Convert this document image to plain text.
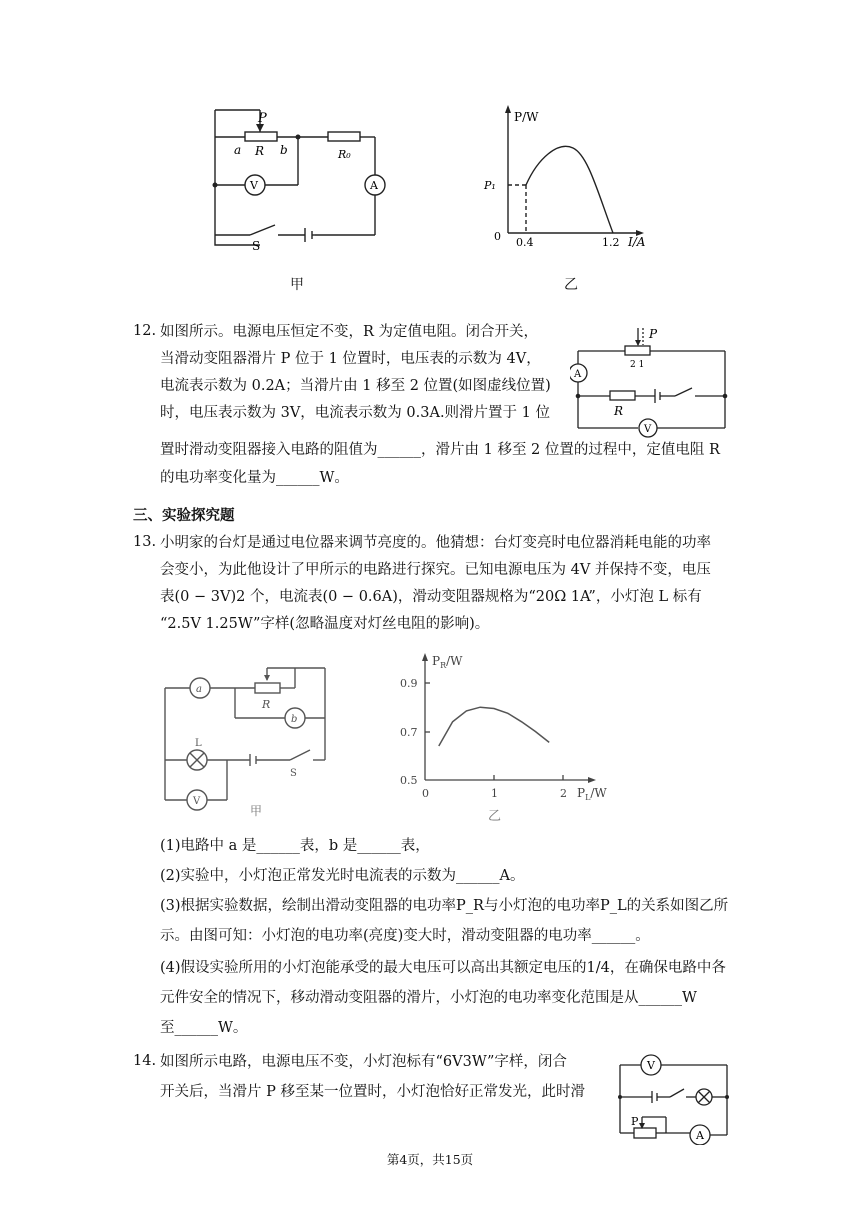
P
a R b	R₀
V	A
S
甲
P/W
P₁
0 0.4	1.2 I/A
乙
12. 如图所示。电源电压恒定不变，R 为定值电阻。闭合开关，
当滑动变阻器滑片 P 位于 1 位置时，电压表的示数为 4V，
电流表示数为 0.2A；当滑片由 1 移至 2 位置(如图虚线位置)
时，电压表示数为 3V，电流表示数为 0.3A.则滑片置于 1 位
置时滑动变阻器接入电路的阻值为______，滑片由 1 移至 2 位置的过程中，定值电阻 R
的电功率变化量为______W。
P
2 1
A
R
V
三、实验探究题
13. 小明家的台灯是通过电位器来调节亮度的。他猜想：台灯变亮时电位器消耗电能的功率
会变小，为此他设计了甲所示的电路进行探究。已知电源电压为 4V 并保持不变，电压
表(0 − 3V)2 个，电流表(0 − 0.6A)，滑动变阻器规格为“20Ω 1A”，小灯泡 L 标有
“2.5V 1.25W”字样(忽略温度对灯丝电阻的影响)。
a
b
R
L
S
V
甲
$P_R/W$
0.9
0.7
0.5
0	1	2 $P_L/W$
乙
(1)电路中 a 是______表，b 是______表，
(2)实验中，小灯泡正常发光时电流表的示数为______A。
(3)根据实验数据，绘制出滑动变阻器的电功率P_R与小灯泡的电功率P_L的关系如图乙所
示。由图可知：小灯泡的电功率(亮度)变大时，滑动变阻器的电功率______。
(4)假设实验所用的小灯泡能承受的最大电压可以高出其额定电压的1/4，在确保电路中各
元件安全的情况下，移动滑动变阻器的滑片，小灯泡的电功率变化范围是从______W
至______W。
14. 如图所示电路，电源电压不变，小灯泡标有“6V3W”字样，闭合
开关后，当滑片 P 移至某一位置时，小灯泡恰好正常发光，此时滑
V
P
A
第4页，共15页
